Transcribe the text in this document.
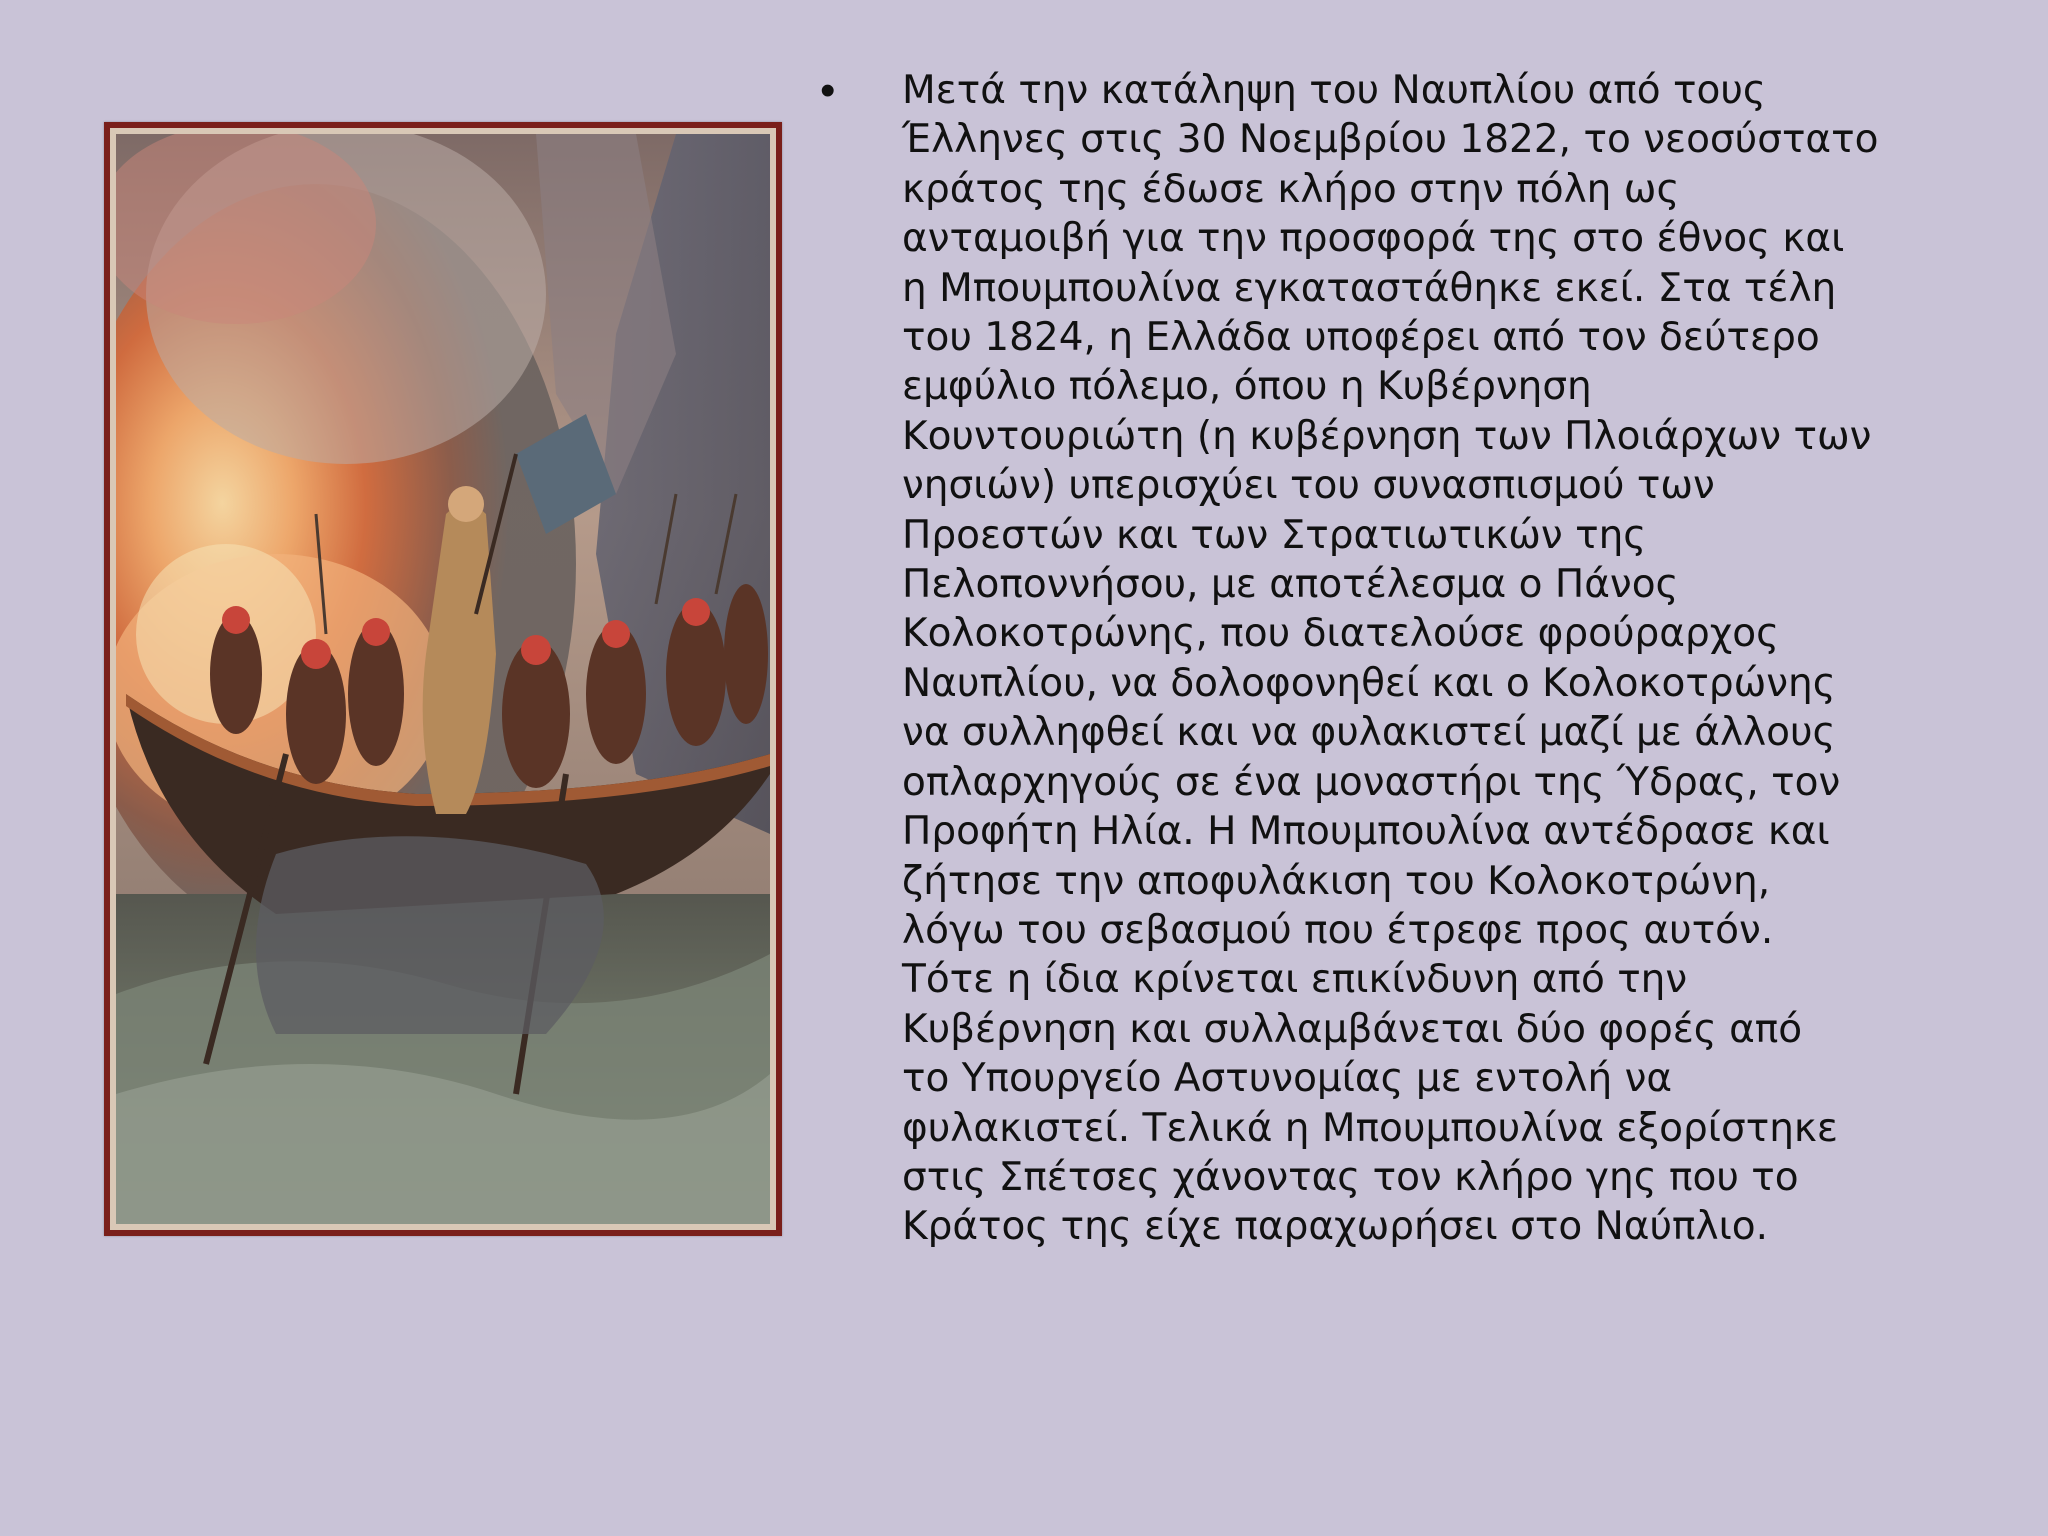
•	Μετά την κατάληψη του Ναυπλίου από τους
Έλληνες στις 30 Νοεμβρίου 1822, το νεοσύστατο
κράτος της έδωσε κλήρο στην πόλη ως
ανταμοιβή για την προσφορά της στο έθνος και
η Μπουμπουλίνα εγκαταστάθηκε εκεί. Στα τέλη
του 1824, η Ελλάδα υποφέρει από τον δεύτερο
εμφύλιο πόλεμο, όπου η Κυβέρνηση
Κουντουριώτη (η κυβέρνηση των Πλοιάρχων των
νησιών) υπερισχύει του συνασπισμού των
Προεστών και των Στρατιωτικών της
Πελοποννήσου, με αποτέλεσμα ο Πάνος
Κολοκοτρώνης, που διατελούσε φρούραρχος
Ναυπλίου, να δολοφονηθεί και ο Κολοκοτρώνης
να συλληφθεί και να φυλακιστεί μαζί με άλλους
οπλαρχηγούς σε ένα μοναστήρι της Ύδρας, τον
Προφήτη Ηλία. Η Μπουμπουλίνα αντέδρασε και
ζήτησε την αποφυλάκιση του Κολοκοτρώνη,
λόγω του σεβασμού που έτρεφε προς αυτόν.
Τότε η ίδια κρίνεται επικίνδυνη από την
Κυβέρνηση και συλλαμβάνεται δύο φορές από
το Υπουργείο Αστυνομίας με εντολή να
φυλακιστεί. Τελικά η Μπουμπουλίνα εξορίστηκε
στις Σπέτσες χάνοντας τον κλήρο γης που το
Κράτος της είχε παραχωρήσει στο Ναύπλιο.
